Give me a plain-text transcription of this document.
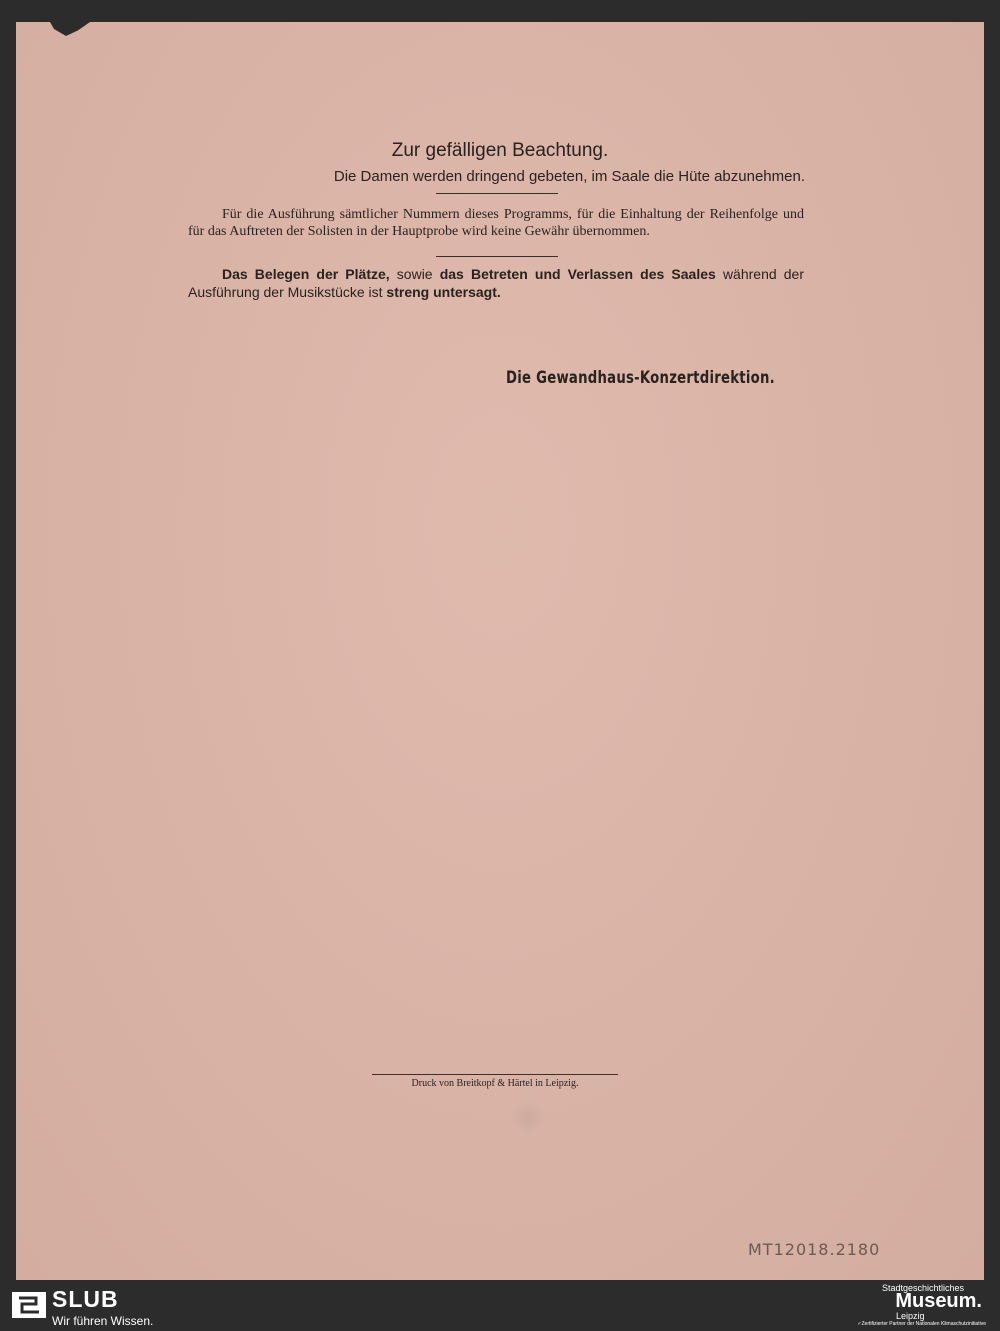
Zur gefälligen Beachtung.
Die Damen werden dringend gebeten, im Saale die Hüte abzunehmen.
Für die Ausführung sämtlicher Nummern dieses Programms, für die Einhaltung der Reihenfolge und für das Auftreten der Solisten in der Hauptprobe wird keine Gewähr übernommen.
Das Belegen der Plätze, sowie das Betreten und Verlassen des Saales während der Ausführung der Musikstücke ist streng untersagt.
Die Gewandhaus-Konzertdirektion.
Druck von Breitkopf & Härtel in Leipzig.
MT12018.2180
SLUB
Wir führen Wissen.
Stadtgeschichtliches
Museum.
Leipzig
✓Zertifizierter Partner der Nationalen Klimaschutzinitiative
